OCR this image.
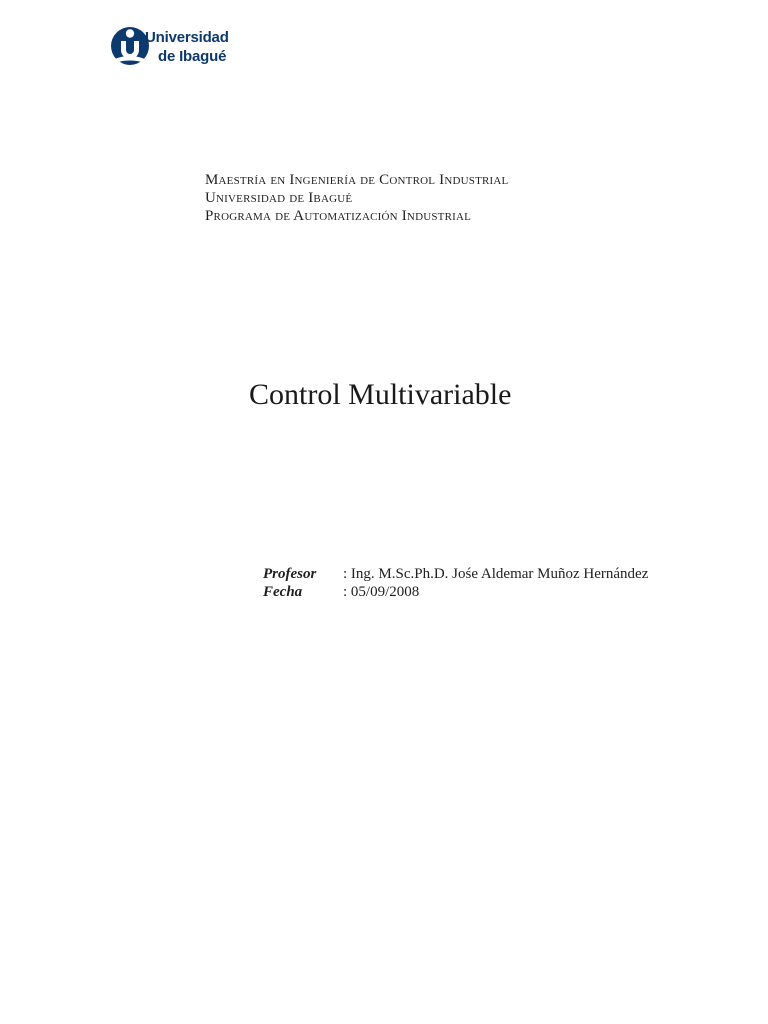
Universidad
de Ibagué
Maestría en Ingeniería de Control Industrial
Universidad de Ibagué
Programa de Automatización Industrial
Control Multivariable
Profesor	: Ing. M.Sc.Ph.D. Jośe Aldemar Muñoz Hernández
Fecha	: 05/09/2008
